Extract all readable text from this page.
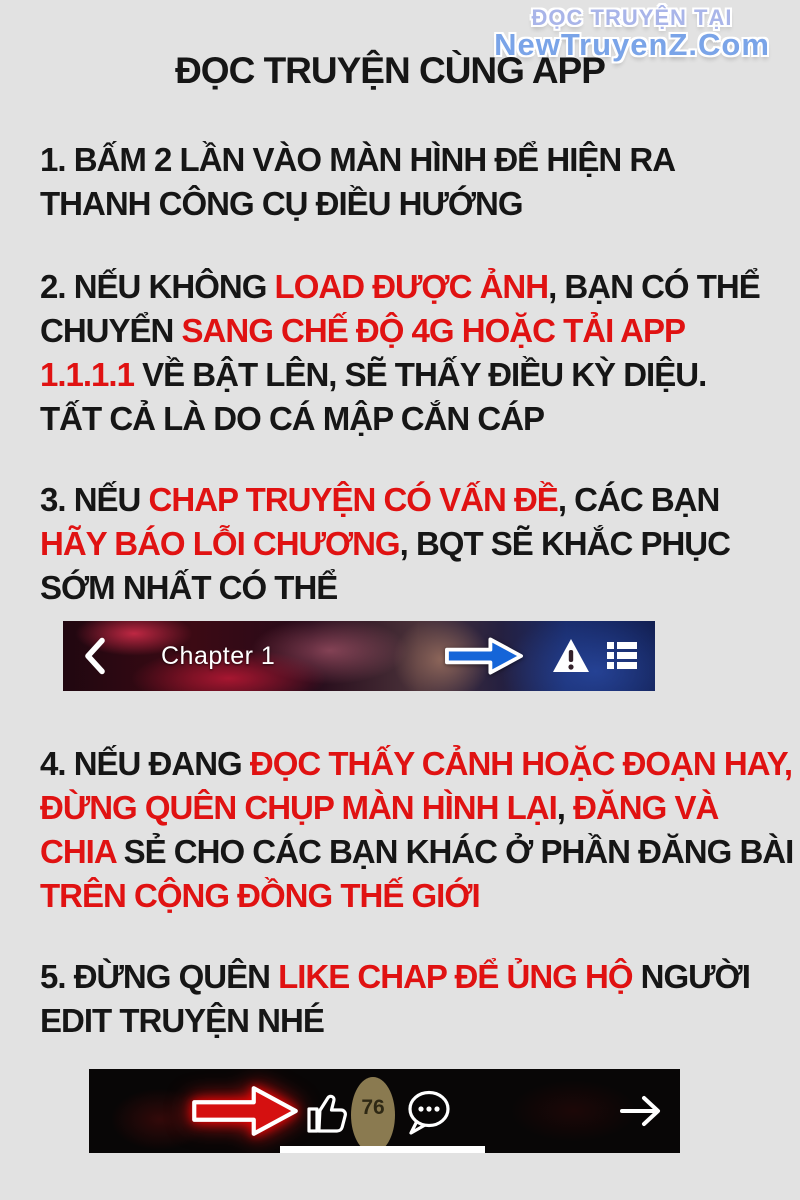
ĐỌC TRUYỆN TẠI
NewTruyenZ.Com
ĐỌC TRUYỆN CÙNG APP
1. BẤM 2 LẦN VÀO MÀN HÌNH ĐỂ HIỆN RA
THANH CÔNG CỤ ĐIỀU HƯỚNG
2. NẾU KHÔNG LOAD ĐƯỢC ẢNH, BẠN CÓ THỂ
CHUYỂN SANG CHẾ ĐỘ 4G HOẶC TẢI APP
1.1.1.1 VỀ BẬT LÊN, SẼ THẤY ĐIỀU KỲ DIỆU.
TẤT CẢ LÀ DO CÁ MẬP CẮN CÁP
3. NẾU CHAP TRUYỆN CÓ VẤN ĐỀ, CÁC BẠN
HÃY BÁO LỖI CHƯƠNG, BQT SẼ KHẮC PHỤC
SỚM NHẤT CÓ THỂ
Chapter 1
4. NẾU ĐANG ĐỌC THẤY CẢNH HOẶC ĐOẠN HAY,
ĐỪNG QUÊN CHỤP MÀN HÌNH LẠI, ĐĂNG VÀ
CHIA SẺ CHO CÁC BẠN KHÁC Ở PHẦN ĐĂNG BÀI
TRÊN CỘNG ĐỒNG THẾ GIỚI
5. ĐỪNG QUÊN LIKE CHAP ĐỂ ỦNG HỘ NGƯỜI
EDIT TRUYỆN NHÉ
76
